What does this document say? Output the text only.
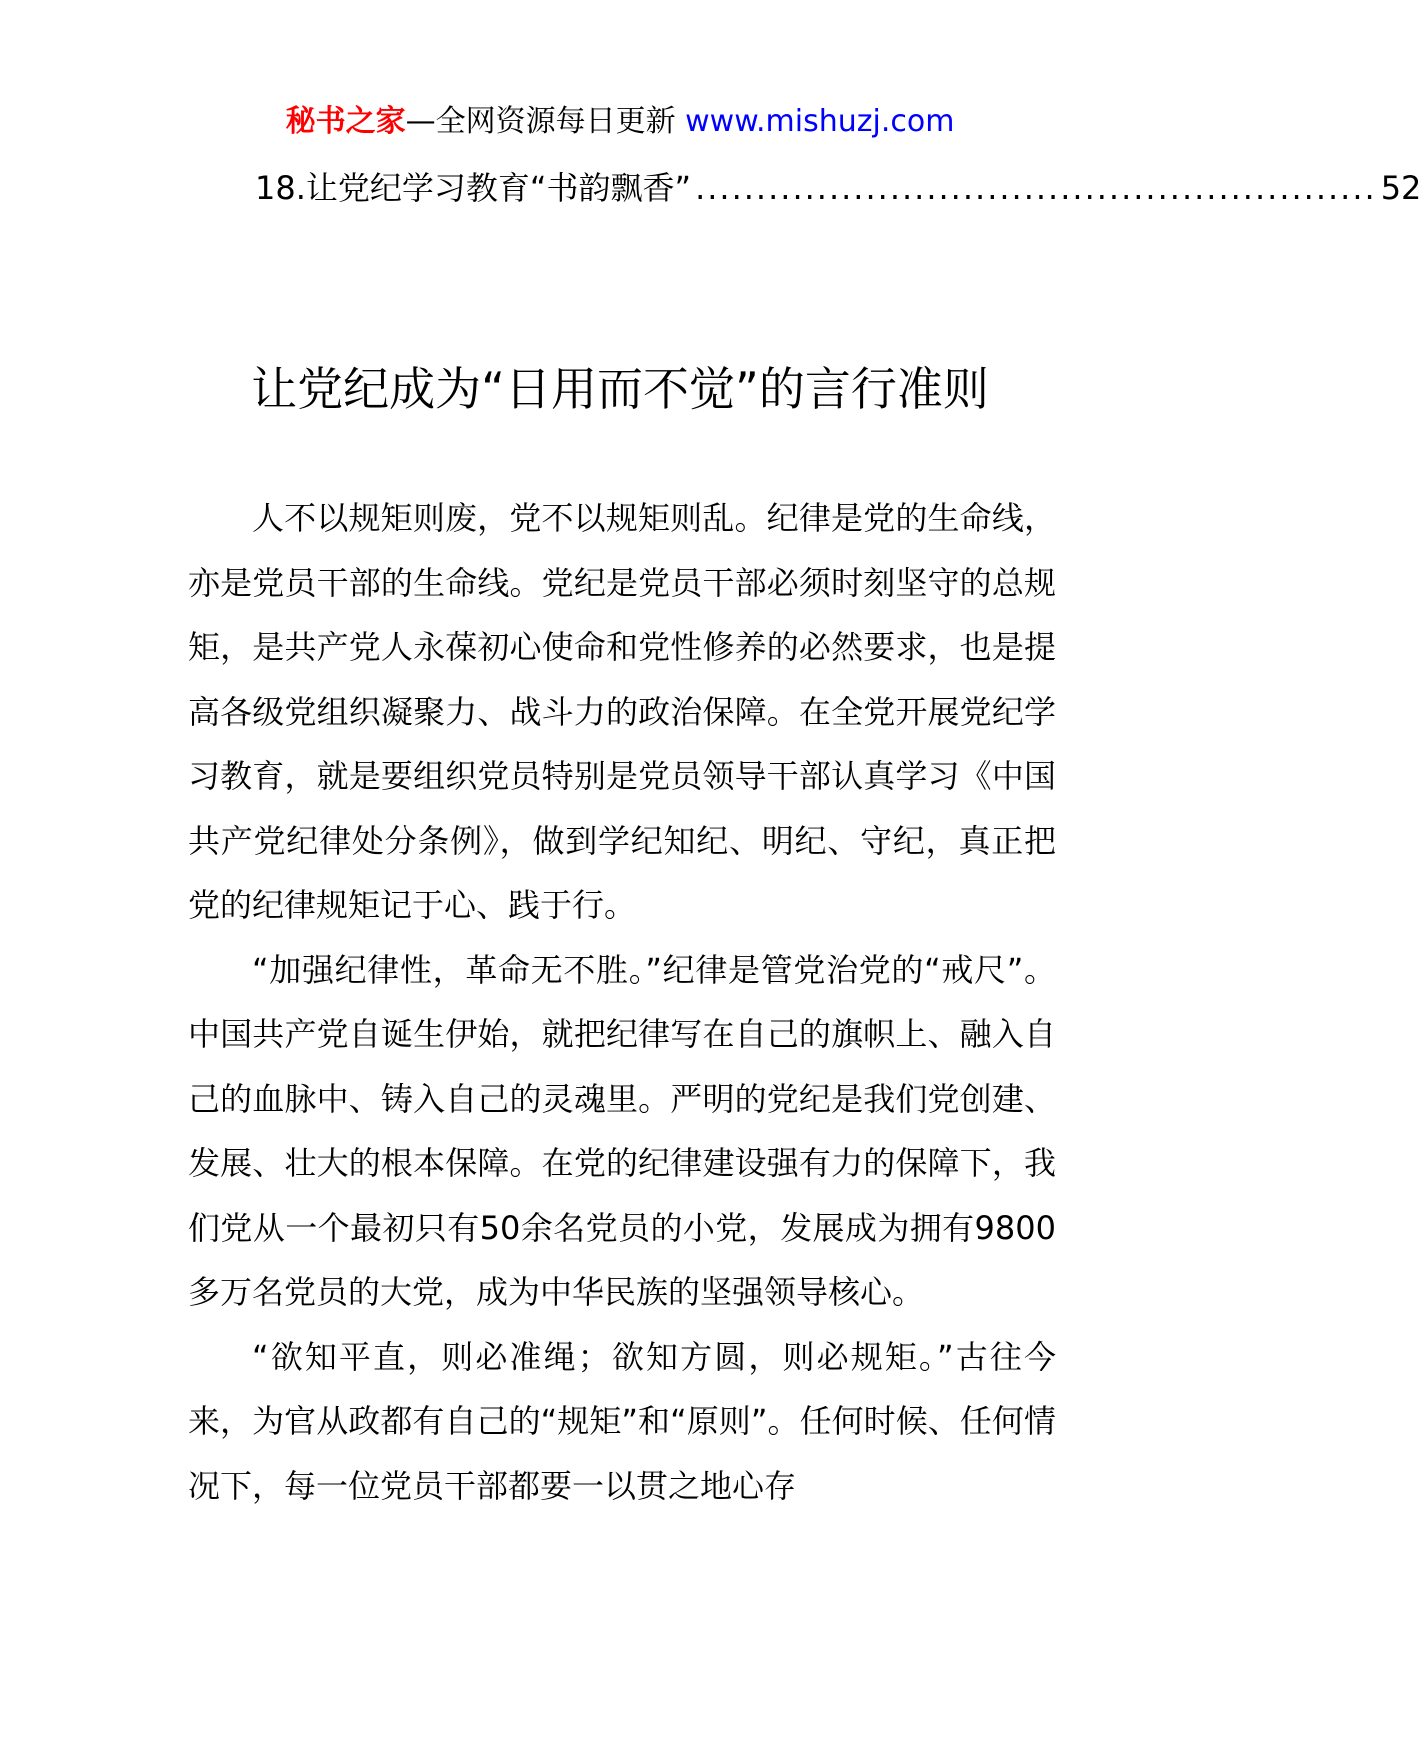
秘书之家—全网资源每日更新 www.mishuzj.com
18.让党纪学习教育“书韵飘香” ........................................................ 52
让党纪成为“日用而不觉”的言行准则

人不以规矩则废，党不以规矩则乱。纪律是党的生命线，亦是党员干部的生命线。党纪是党员干部必须时刻坚守的总规矩，是共产党人永葆初心使命和党性修养的必然要求，也是提高各级党组织凝聚力、战斗力的政治保障。在全党开展党纪学习教育，就是要组织党员特别是党员领导干部认真学习《中国共产党纪律处分条例》，做到学纪知纪、明纪、守纪，真正把党的纪律规矩记于心、践于行。

“加强纪律性，革命无不胜。”纪律是管党治党的“戒尺”。中国共产党自诞生伊始，就把纪律写在自己的旗帜上、融入自己的血脉中、铸入自己的灵魂里。严明的党纪是我们党创建、发展、壮大的根本保障。在党的纪律建设强有力的保障下，我们党从一个最初只有50余名党员的小党，发展成为拥有9800多万名党员的大党，成为中华民族的坚强领导核心。

“欲知平直，则必准绳；欲知方圆，则必规矩。”古往今来，为官从政都有自己的“规矩”和“原则”。任何时候、任何情况下，每一位党员干部都要一以贯之地心存
